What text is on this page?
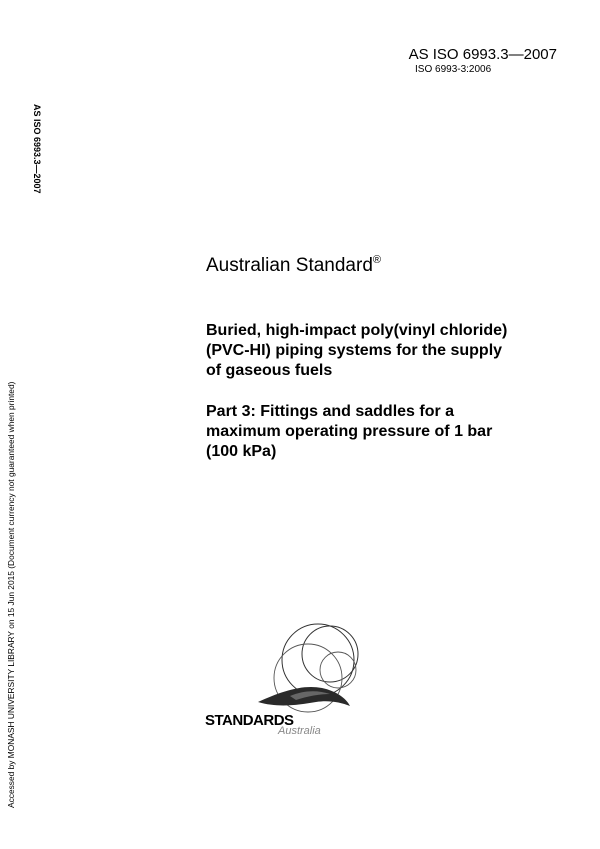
AS ISO 6993.3—2007
ISO 6993-3:2006
AS ISO 6993.3—2007
Accessed by MONASH UNIVERSITY LIBRARY on 15 Jun 2015 (Document currency not guaranteed when printed)
Australian Standard®
Buried, high-impact poly(vinyl chloride)
(PVC-HI) piping systems for the supply
of gaseous fuels
Part 3: Fittings and saddles for a
maximum operating pressure of 1 bar
(100 kPa)
STANDARDS
Australia
